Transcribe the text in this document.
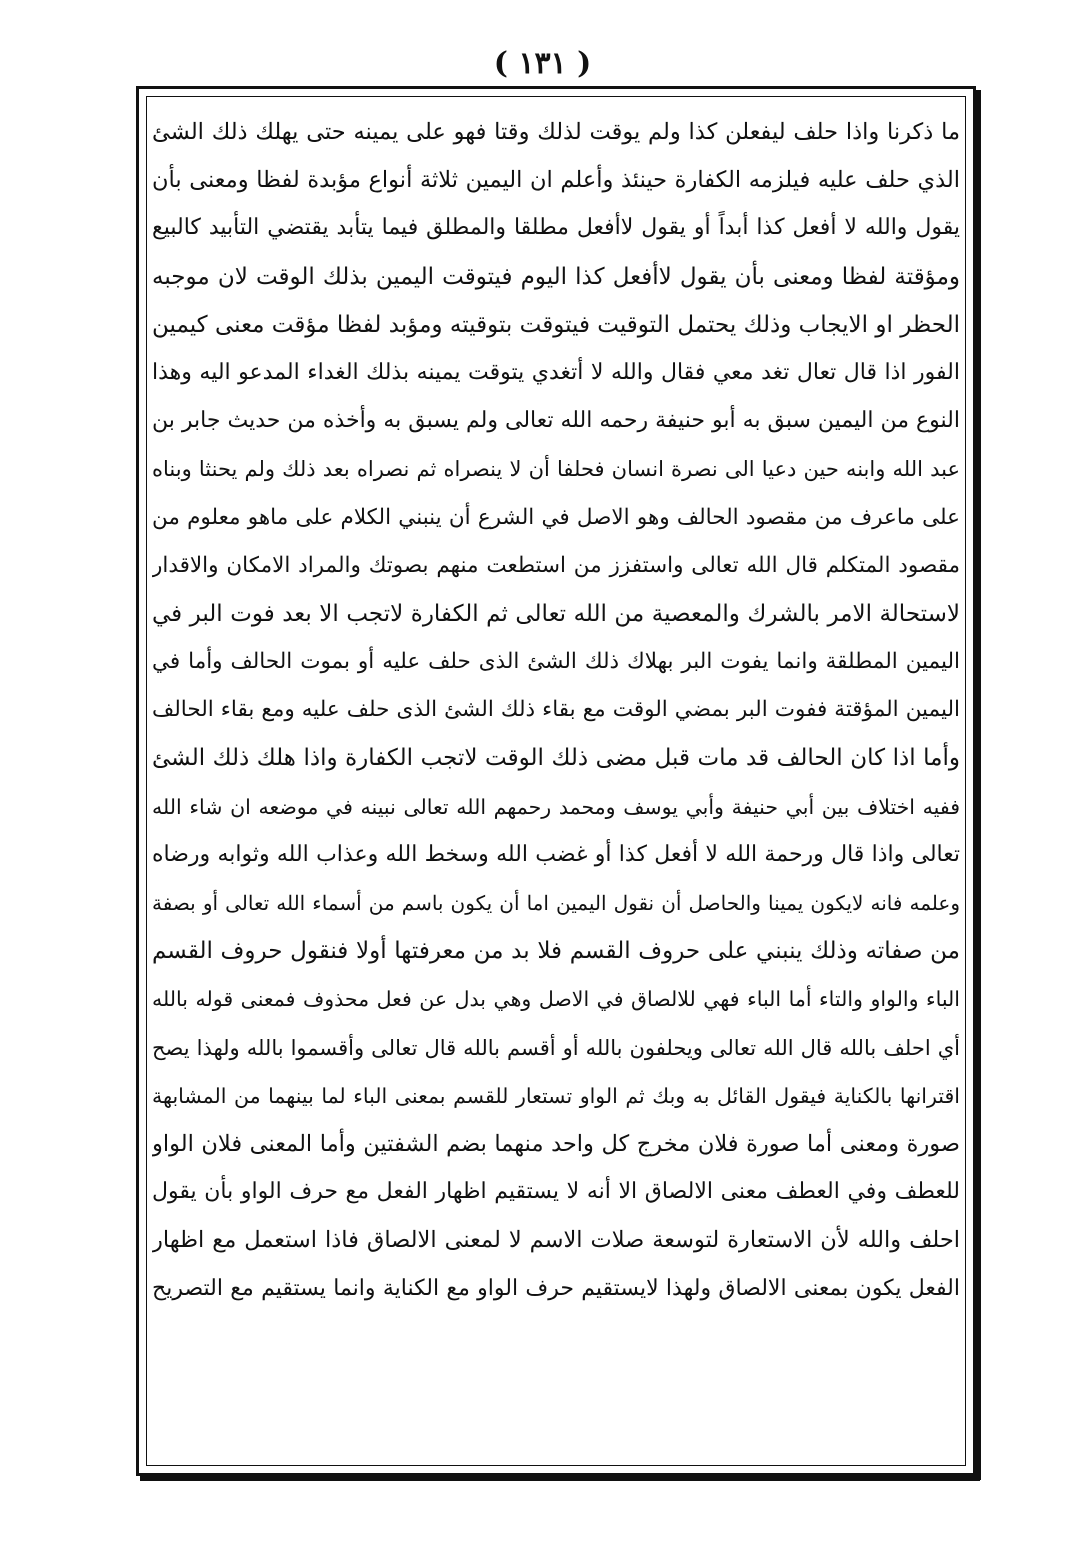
( ١٣١ )

ما ذكرنا واذا حلف ليفعلن كذا ولم يوقت لذلك وقتا فهو على يمينه حتى يهلك ذلك الشئ

الذي حلف عليه فيلزمه الكفارة حينئذ وأعلم ان اليمين ثلاثة أنواع مؤبدة لفظا ومعنى بأن

يقول والله لا أفعل كذا أبداً أو يقول لاأفعل مطلقا والمطلق فيما يتأبد يقتضي التأبيد كالبيع

ومؤقتة لفظا ومعنى بأن يقول لاأفعل كذا اليوم فيتوقت اليمين بذلك الوقت لان موجبه

الحظر او الايجاب وذلك يحتمل التوقيت فيتوقت بتوقيته ومؤبد لفظا مؤقت معنى كيمين

الفور اذا قال تعال تغد معي فقال والله لا أتغدي يتوقت يمينه بذلك الغداء المدعو اليه وهذا

النوع من اليمين سبق به أبو حنيفة رحمه الله تعالى ولم يسبق به وأخذه من حديث جابر بن

عبد الله وابنه حين دعيا الى نصرة انسان فحلفا أن لا ينصراه ثم نصراه بعد ذلك ولم يحنثا وبناه

على ماعرف من مقصود الحالف وهو الاصل في الشرع أن ينبني الكلام على ماهو معلوم من

مقصود المتكلم قال الله تعالى واستفزز من استطعت منهم بصوتك والمراد الامكان والاقدار

لاستحالة الامر بالشرك والمعصية من الله تعالى ثم الكفارة لاتجب الا بعد فوت البر في

اليمين المطلقة وانما يفوت البر بهلاك ذلك الشئ الذى حلف عليه أو بموت الحالف وأما في

اليمين المؤقتة ففوت البر بمضي الوقت مع بقاء ذلك الشئ الذى حلف عليه ومع بقاء الحالف

وأما اذا كان الحالف قد مات قبل مضى ذلك الوقت لاتجب الكفارة واذا هلك ذلك الشئ

ففيه اختلاف بين أبي حنيفة وأبي يوسف ومحمد رحمهم الله تعالى نبينه في موضعه ان شاء الله

تعالى واذا قال ورحمة الله لا أفعل كذا أو غضب الله وسخط الله وعذاب الله وثوابه ورضاه

وعلمه فانه لايكون يمينا والحاصل أن نقول اليمين اما أن يكون باسم من أسماء الله تعالى أو بصفة

من صفاته وذلك ينبني على حروف القسم فلا بد من معرفتها أولا فنقول حروف القسم

الباء والواو والتاء أما الباء فهي للالصاق في الاصل وهي بدل عن فعل محذوف فمعنى قوله بالله

أي احلف بالله قال الله تعالى ويحلفون بالله أو أقسم بالله قال تعالى وأقسموا بالله ولهذا يصح

اقترانها بالكناية فيقول القائل به وبك ثم الواو تستعار للقسم بمعنى الباء لما بينهما من المشابهة

صورة ومعنى أما صورة فلان مخرج كل واحد منهما بضم الشفتين وأما المعنى فلان الواو

للعطف وفي العطف معنى الالصاق الا أنه لا يستقيم اظهار الفعل مع حرف الواو بأن يقول

احلف والله لأن الاستعارة لتوسعة صلات الاسم لا لمعنى الالصاق فاذا استعمل مع اظهار

الفعل يكون بمعنى الالصاق ولهذا لايستقيم حرف الواو مع الكناية وانما يستقيم مع التصريح
